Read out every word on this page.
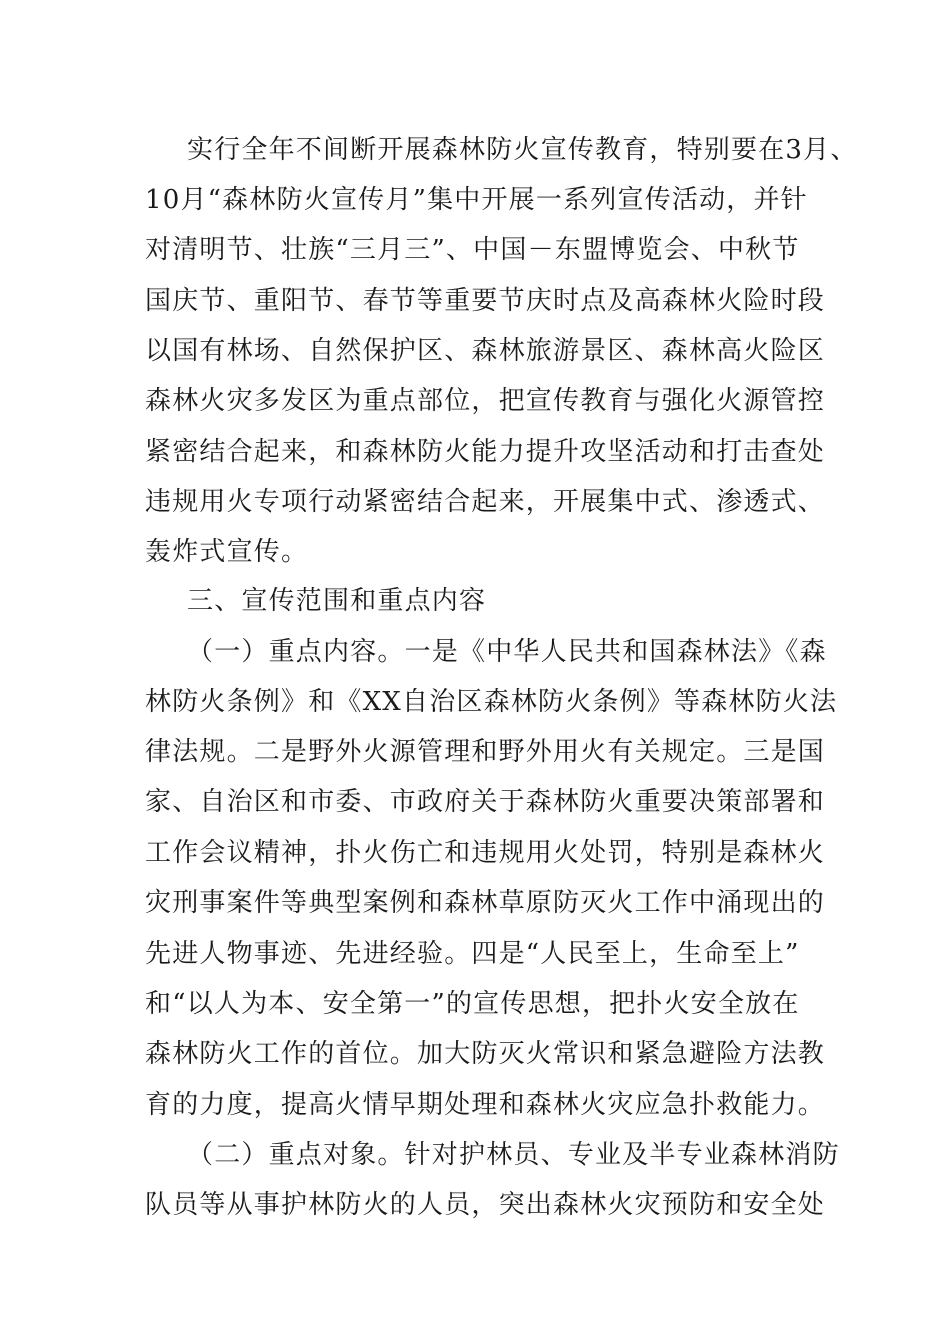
实行全年不间断开展森林防火宣传教育，特别要在3月、
10月“森林防火宣传月”集中开展一系列宣传活动，并针
对清明节、壮族“三月三”、中国－东盟博览会、中秋节
国庆节、重阳节、春节等重要节庆时点及高森林火险时段
以国有林场、自然保护区、森林旅游景区、森林高火险区
森林火灾多发区为重点部位，把宣传教育与强化火源管控
紧密结合起来，和森林防火能力提升攻坚活动和打击查处
违规用火专项行动紧密结合起来，开展集中式、渗透式、
轰炸式宣传。
三、宣传范围和重点内容
（一）重点内容。一是《中华人民共和国森林法》《森
林防火条例》和《XX自治区森林防火条例》等森林防火法
律法规。二是野外火源管理和野外用火有关规定。三是国
家、自治区和市委、市政府关于森林防火重要决策部署和
工作会议精神，扑火伤亡和违规用火处罚，特别是森林火
灾刑事案件等典型案例和森林草原防灭火工作中涌现出的
先进人物事迹、先进经验。四是“人民至上，生命至上”
和“以人为本、安全第一”的宣传思想，把扑火安全放在
森林防火工作的首位。加大防灭火常识和紧急避险方法教
育的力度，提高火情早期处理和森林火灾应急扑救能力。
（二）重点对象。针对护林员、专业及半专业森林消防
队员等从事护林防火的人员，突出森林火灾预防和安全处
